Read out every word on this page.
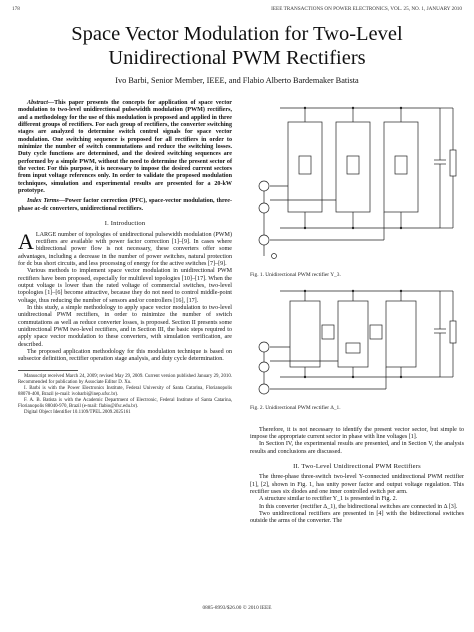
178	IEEE TRANSACTIONS ON POWER ELECTRONICS, VOL. 25, NO. 1, JANUARY 2010
Space Vector Modulation for Two-Level
Unidirectional PWM Rectifiers
Ivo Barbi, Senior Member, IEEE, and Flabio Alberto Bardemaker Batista

Abstract—This paper presents the concepts for application of space vector modulation to two-level unidirectional pulsewidth modulation (PWM) rectifiers, and a methodology for the use of this modulation is proposed and applied in three different groups of rectifiers. For each group of rectifiers, the converter switching stages are analyzed to determine switch control signals for space vector modulation. One switching sequence is proposed for all rectifiers in order to minimize the number of switch commutations and reduce the switching losses. Duty cycle functions are determined, and the desired switching sequences are performed by a simple PWM, without the need to determine the present sector of the vector. For this purpose, it is necessary to impose the desired current sectors from input voltage references only. In order to validate the proposed modulation techniques, simulation and experimental results are presented for a 20-kW prototype.

Index Terms—Power factor correction (PFC), space-vector modulation, three-phase ac-dc converters, unidirectional rectifiers.

I. Introduction

ALARGE number of topologies of unidirectional pulsewidth modulation (PWM) rectifiers are available with power factor correction [1]–[9]. In cases where bidirectional power flow is not necessary, these converters offer some advantages, including a decrease in the number of power switches, natural protection for dc bus short circuits, and less processing of energy for the active switches [7]–[9].

Various methods to implement space vector modulation in unidirectional PWM rectifiers have been proposed, especially for multilevel topologies [10]–[17]. When the output voltage is lower than the rated voltage of commercial switches, two-level topologies [1]–[6] become attractive, because they do not need to control middle-point voltage, thus reducing the number of sensors and/or controllers [16], [17].

In this study, a simple methodology to apply space vector modulation to two-level unidirectional PWM rectifiers, in order to minimize the number of switch commutations as well as reduce converter losses, is proposed. Section II presents some unidirectional PWM two-level rectifiers, and in Section III, the basic steps required to apply space vector modulation to these converters, with simulation verification, are described.

The proposed application methodology for this modulation technique is based on subsector definition, rectifier operation stage analysis, and duty cycle determination.

Manuscript received March 24, 2009; revised May 29, 2009. Current version published January 29, 2010. Recommended for publication by Associate Editor D. Xu.

I. Barbi is with the Power Electronics Institute, Federal University of Santa Catarina, Florianopolis 88070-400, Brazil (e-mail: ivobarbi@inep.ufsc.br).

F. A. B. Batista is with the Academic Department of Electronic, Federal Institute of Santa Catarina, Florianopolis 88040-970, Brazil (e-mail: flabio@ifsc.edu.br).

Digital Object Identifier 10.1109/TPEL.2009.2025161

Fig. 1. Unidirectional PWM rectifier Y_3.

Fig. 2. Unidirectional PWM rectifier Δ_1.

Therefore, it is not necessary to identify the present vector sector, but simple to impose the appropriate current sector in phase with line voltages [1].

In Section IV, the experimental results are presented, and in Section V, the analysis results and conclusions are discussed.

II. Two-Level Unidirectional PWM Rectifiers

The three-phase three-switch two-level Y-connected unidirectional PWM rectifier [1], [2], shown in Fig. 1, has unity power factor and output voltage regulation. This rectifier uses six diodes and one inner controlled switch per arm.

A structure similar to rectifier Y_1 is presented in Fig. 2.

In this converter (rectifier Δ_1), the bidirectional switches are connected in Δ [3].

Two unidirectional rectifiers are presented in [4] with the bidirectional switches outside the arms of the converter. The

0885-8993/$26.00 © 2010 IEEE
